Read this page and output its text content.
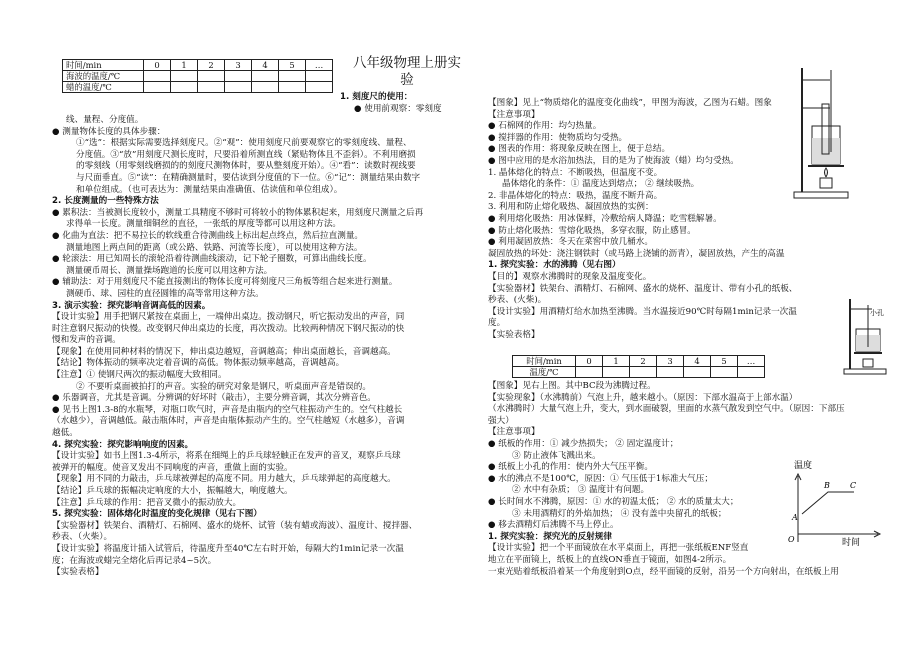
时间/min	0	1	2	3	4	5	…
海波的温度/℃							
蜡的温度/℃							
八年级物理上册实验

1. 刻度尺的使用：

● 使用前观察：零刻度

线、量程、分度值。

● 测量物体长度的具体步骤：

①“选”：根据实际需要选择刻度尺。②“观”：使用刻度尺前要观察它的零刻度线、量程、

分度值。③“放”用刻度尺测长度时，尺要沿着所测直线（紧贴物体且不歪斜）。不利用磨损

的零刻线（用零刻线磨损的的刻度尺测物体时，要从整刻度开始）。④“看”：读数时视线要

与尺面垂直。⑤“读”：在精确测量时，要估读到分度值的下一位。⑥“记”：测量结果由数字

和单位组成。（也可表达为：测量结果由准确值、估读值和单位组成）。

2. 长度测量的一些特殊方法

● 累积法：当被测长度较小，测量工具精度不够时可将较小的物体累积起来，用刻度尺测量之后再

求得单一长度。测量细铜丝的直径，一张纸的厚度等都可以用这种方法。

● 化曲为直法：把不易拉长的软线重合待测曲线上标出起点终点，然后拉直测量。

测量地图上两点间的距离（或公路、铁路、河流等长度），可以使用这种方法。

● 轮滚法：用已知周长的滚轮沿着待测曲线滚动，记下轮子圈数，可算出曲线长度。

测量硬币周长、测量操场跑道的长度可以用这种方法。

● 辅助法：对于用刻度尺不能直接测出的物体长度可将刻度尺三角板等组合起来进行测量。

测硬币、球、园柱的直径圆锥的高等常用这种方法。

3. 演示实验：探究影响音调高低的因素。

【设计实验】用手把钢尺紧按在桌面上，一端伸出桌边。拨动钢尺，听它振动发出的声音，同

时注意钢尺振动的快慢。改变钢尺伸出桌边的长度，再次拨动。比较两种情况下钢尺振动的快

慢和发声的音调。

【现象】在使用同种材料的情况下，伸出桌边越短，音调越高；伸出桌面越长，音调越高。

【结论】物体振动的频率决定着音调的高低。物体振动频率越高，音调越高。

【注意】① 使钢尺两次的振动幅度大致相同。

② 不要听桌面被拍打的声音。实验的研究对象是钢尺，听桌面声音是错误的。

● 乐器调音，尤其是音调。分辨调的好坏时（敲击），主要分辨音调，其次分辨音色。

● 见书上图1.3-8的水瓶琴，对瓶口吹气时，声音是由瓶内的空气柱振动产生的。空气柱越长

（水越少），音调越低。敲击瓶体时，声音是由瓶体振动产生的。空气柱越短（水越多），音调

越低。

4. 探究实验：探究影响响度的因素。

【设计实验】如书上图1.3-4所示，将系在细绳上的乒乓球轻触正在发声的音叉，观察乒乓球

被弹开的幅度。使音叉发出不同响度的声音，重做上面的实验。

【现象】用不同的力敲击，乒乓球被弹起的高度不同。用力越大，乒乓球弹起的高度越大。

【结论】乒乓球的振幅决定响度的大小，振幅越大，响度越大。

【注意】乒乓球的作用：把音叉微小的振动放大。

5. 探究实验：固体熔化时温度的变化规律（见右下图）

【实验器材】铁架台、酒精灯、石棉网、盛水的烧杯、试管（装有蜡或海波）、温度计、搅拌器、

秒表、（火柴）。

【设计实验】将温度计插入试管后，待温度升至40℃左右时开始，每隔大约1min记录一次温

度；在海波或蜡完全熔化后再记录4~5次。

【实验表格】

【图象】见上“物质熔化的温度变化曲线”，甲图为海波，乙图为石蜡。图象

【注意事项】

● 石棉网的作用：均匀热量。

● 搅拌器的作用：使物质均匀受热。

● 图表的作用：将现象反映在图上，便于总结。

● 图中应用的是水浴加热法，目的是为了使海波（蜡）均匀受热。

1. 晶体熔化的特点：不断吸热，但温度不变。

晶体熔化的条件：① 温度达到熔点； ② 继续吸热。

2. 非晶体熔化的特点：吸热，温度不断升高。

3. 利用和防止熔化吸热、凝固放热的实例：

● 利用熔化吸热：用冰保鲜，冷敷给病人降温；吃雪糕解暑。

● 防止熔化吸热：雪熔化吸热，多穿衣服，防止感冒。

● 利用凝固放热：冬天在菜窖中放几桶水。

凝固放热的坏处：浇注钢铁时（或马路上浇铺的沥青），凝固放热，产生的高温

1. 探究实验：水的沸腾（见右图）

【目的】观察水沸腾时的现象及温度变化。

【实验器材】铁架台、酒精灯、石棉网、盛水的烧杯、温度计、带有小孔的纸板、

秒表、(火柴)。

【设计实验】用酒精灯给水加热至沸腾。当水温接近90℃时每隔1min记录一次温

度。

【实验表格】

时间/min	0	1	2	3	4	5	…
温度/℃							

【图象】见右上图。其中BC段为沸腾过程。

【实验现象】（水沸腾前）气泡上升，越来越小。（原因：下部水温高于上部水温）

（水沸腾时）大量气泡上升，变大，到水面破裂，里面的水蒸气散发到空气中。（原因：下部压

强大）

【注意事项】

● 纸板的作用：① 减少热损失； ② 固定温度计；

③ 防止液体飞溅出来。

● 纸板上小孔的作用：使内外大气压平衡。

● 水的沸点不是100℃，原因：① 气压低于1标准大气压；

② 水中有杂质； ③ 温度计有问题。

● 长时间水不沸腾，原因：① 水的初温太低； ② 水的质量太大；

③ 未用酒精灯的外焰加热； ④ 没有盖中央留孔的纸板；

● 移去酒精灯后沸腾不马上停止。

1. 探究实验：探究光的反射规律

【设计实验】把一个平面镜放在水平桌面上，再把一张纸板ENF竖直

地立在平面镜上，纸板上的直线ON垂直于镜面，如图4-2所示。

一束光贴着纸板沿着某一个角度射到O点，经平面镜的反射，沿另一个方向射出，在纸板上用

小孔
温度
时间
O
A
B	C
